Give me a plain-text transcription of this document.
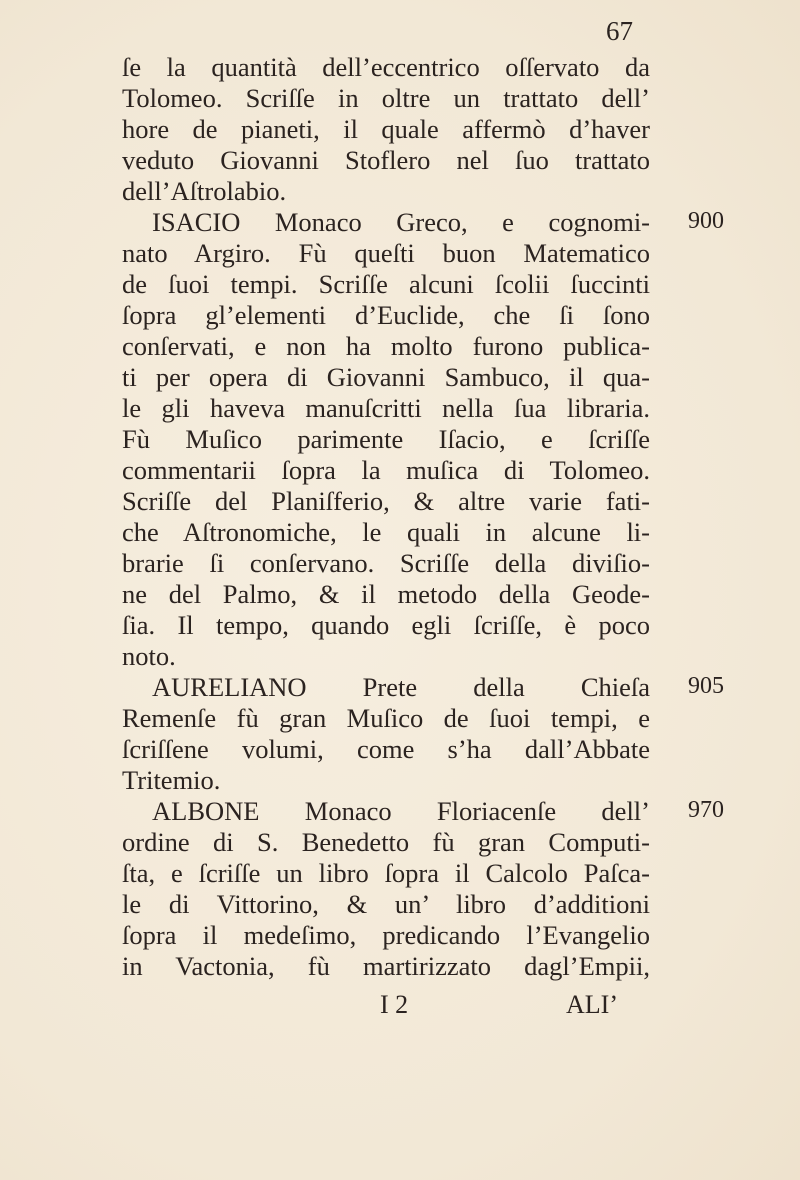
67
ſe la quantità dell’eccentrico oſſervato da
Tolomeo. Scriſſe in oltre un trattato dell’
hore de pianeti, il quale affermò d’haver
veduto Giovanni Stoflero nel ſuo trattato
dell’Aſtrolabio.
ISACIO Monaco Greco, e cognomi-
nato Argiro. Fù queſti buon Matematico
de ſuoi tempi. Scriſſe alcuni ſcolii ſuccinti
ſopra gl’elementi d’Euclide, che ſi ſono
conſervati, e non ha molto furono publica-
ti per opera di Giovanni Sambuco, il qua-
le gli haveva manuſcritti nella ſua libraria.
Fù Muſico parimente Iſacio, e ſcriſſe
commentarii ſopra la muſica di Tolomeo.
Scriſſe del Planiſferio, & altre varie fati-
che Aſtronomiche, le quali in alcune li-
brarie ſi conſervano. Scriſſe della diviſio-
ne del Palmo, & il metodo della Geode-
ſia. Il tempo, quando egli ſcriſſe, è poco
noto.
AURELIANO Prete della Chieſa
Remenſe fù gran Muſico de ſuoi tempi, e
ſcriſſene volumi, come s’ha dall’Abbate
Tritemio.
ALBONE Monaco Floriacenſe dell’
ordine di S. Benedetto fù gran Computi-
ſta, e ſcriſſe un libro ſopra il Calcolo Paſca-
le di Vittorino, & un’ libro d’additioni
ſopra il medeſimo, predicando l’Evangelio
in Vactonia, fù martirizzato dagl’Empii,
900
905
970
I 2	ALI’
